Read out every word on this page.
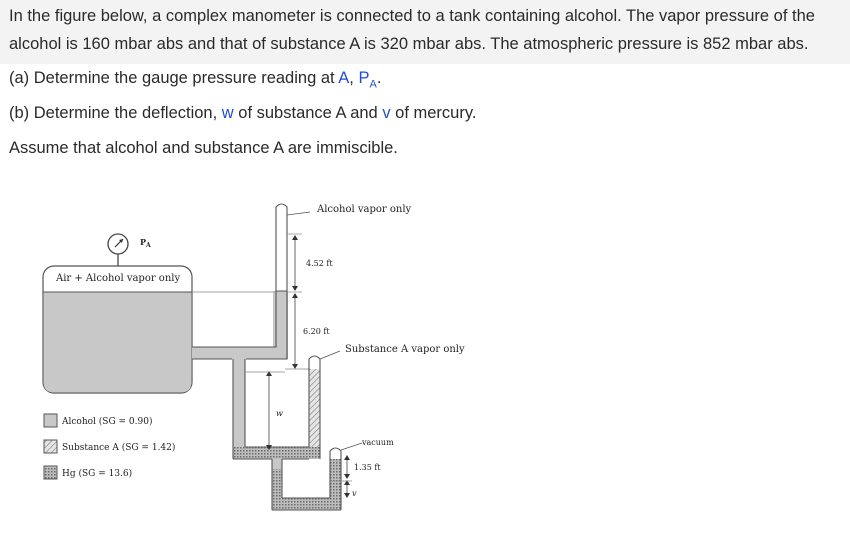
In the figure below, a complex manometer is connected to a tank containing alcohol. The vapor pressure of the
alcohol is 160 mbar abs and that of substance A is 320 mbar abs. The atmospheric pressure is 852 mbar abs.
(a) Determine the gauge pressure reading at A, $P_A$.
(b) Determine the deflection, w of substance A and v of mercury.
Assume that alcohol and substance A are immiscible.
Air + Alcohol vapor only
$P_A$
Alcohol vapor only
4.52 ft
6.20 ft
Substance A vapor only
w
vacuum
1.35 ft
v
Alcohol (SG = 0.90)
Substance A (SG = 1.42)
Hg (SG = 13.6)
